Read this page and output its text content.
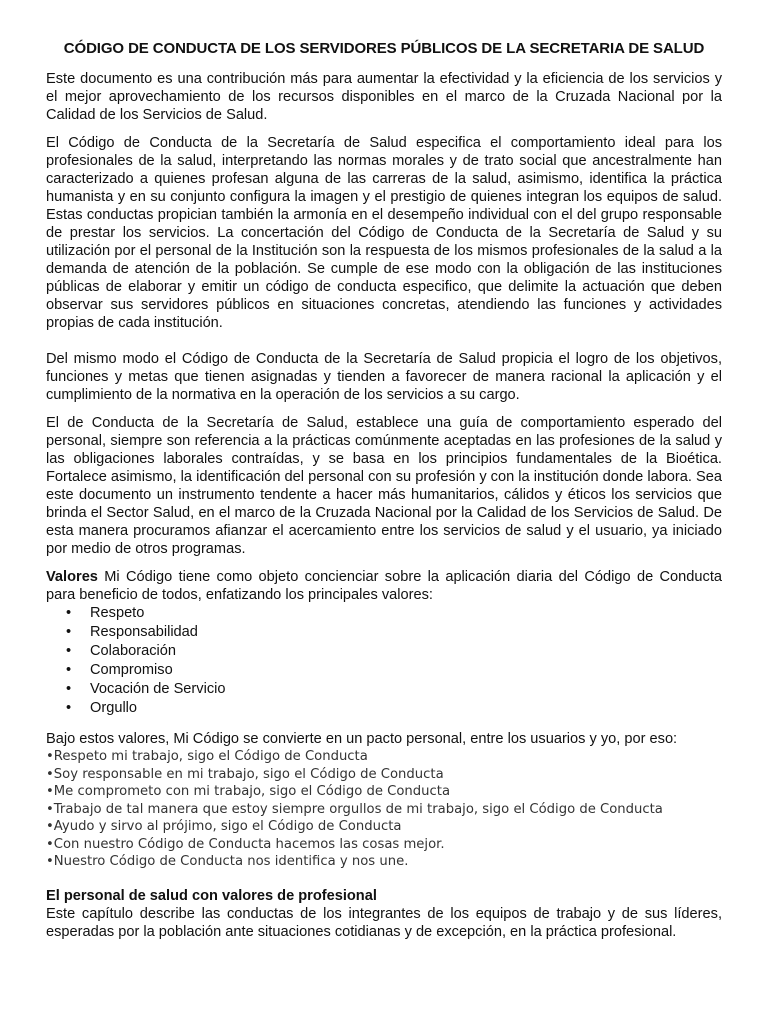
CÓDIGO DE CONDUCTA DE LOS SERVIDORES PÚBLICOS DE LA SECRETARIA DE SALUD

Este documento es una contribución más para aumentar la efectividad y la eficiencia de los servicios y el mejor aprovechamiento de los recursos disponibles en el marco de la Cruzada Nacional por la Calidad de los Servicios de Salud.

El Código de Conducta de la Secretaría de Salud especifica el comportamiento ideal para los profesionales de la salud, interpretando las normas morales y de trato social que ancestralmente han caracterizado a quienes profesan alguna de las carreras de la salud, asimismo, identifica la práctica humanista y en su conjunto configura la imagen y el prestigio de quienes integran los equipos de salud. Estas conductas propician también la armonía en el desempeño individual con el del grupo responsable de prestar los servicios. La concertación del Código de Conducta de la Secretaría de Salud y su utilización por el personal de la Institución son la respuesta de los mismos profesionales de la salud a la demanda de atención de la población. Se cumple de ese modo con la obligación de las instituciones públicas de elaborar y emitir un código de conducta especifico, que delimite la actuación que deben observar sus servidores públicos en situaciones concretas, atendiendo las funciones y actividades propias de cada institución.

Del mismo modo el Código de Conducta de la Secretaría de Salud propicia el logro de los objetivos, funciones y metas que tienen asignadas y tienden a favorecer de manera racional la aplicación y el cumplimiento de la normativa en la operación de los servicios a su cargo.

El de Conducta de la Secretaría de Salud, establece una guía de comportamiento esperado del personal, siempre son referencia a la prácticas comúnmente aceptadas en las profesiones de la salud y las obligaciones laborales contraídas, y se basa en los principios fundamentales de la Bioética. Fortalece asimismo, la identificación del personal con su profesión y con la institución donde labora. Sea este documento un instrumento tendente a hacer más humanitarios, cálidos y éticos los servicios que brinda el Sector Salud, en el marco de la Cruzada Nacional por la Calidad de los Servicios de Salud. De esta manera procuramos afianzar el acercamiento entre los servicios de salud y el usuario, ya iniciado por medio de otros programas.

Valores Mi Código tiene como objeto concienciar sobre la aplicación diaria del Código de Conducta para beneficio de todos, enfatizando los principales valores:

• Respeto
• Responsabilidad
• Colaboración
• Compromiso
• Vocación de Servicio
• Orgullo

Bajo estos valores, Mi Código se convierte en un pacto personal, entre los usuarios y yo, por eso:

•Respeto mi trabajo, sigo el Código de Conducta

•Soy responsable en mi trabajo, sigo el Código de Conducta

•Me comprometo con mi trabajo, sigo el Código de Conducta

•Trabajo de tal manera que estoy siempre orgullos de mi trabajo, sigo el Código de Conducta

•Ayudo y sirvo al prójimo, sigo el Código de Conducta

•Con nuestro Código de Conducta hacemos las cosas mejor.

•Nuestro Código de Conducta nos identifica y nos une.

El personal de salud con valores de profesional

Este capítulo describe las conductas de los integrantes de los equipos de trabajo y de sus líderes, esperadas por la población ante situaciones cotidianas y de excepción, en la práctica profesional.
